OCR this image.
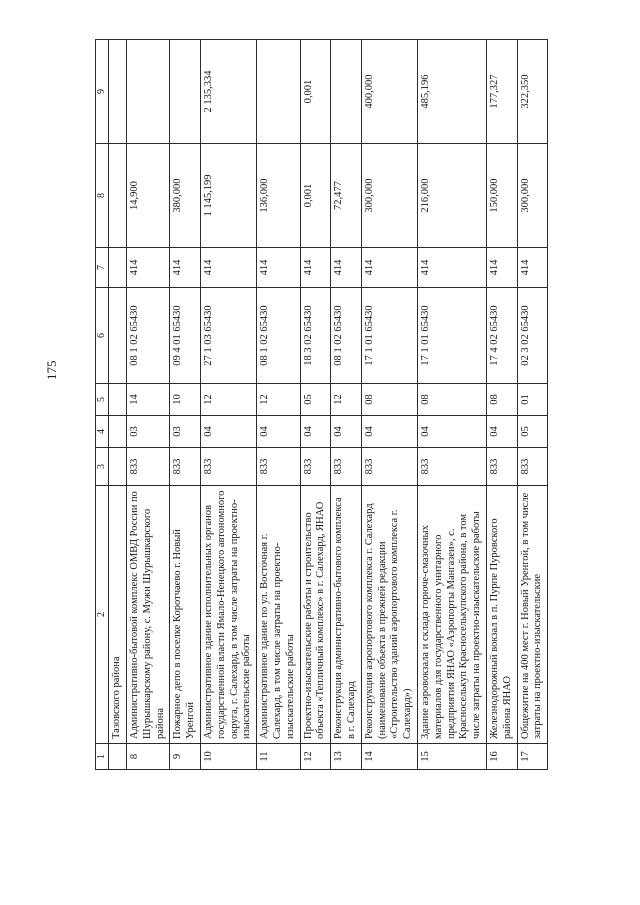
175
1	2	3	4	5	6	7	8	9
	Тазовского района							
8	Административно-бытовой комплекс ОМВД России по Шурышкарскому району, с. Мужи Шурышкарского района	833	03	14	08 1 02 65430	414	14,900	
9	Пожарное депо в поселке Коротчаево г. Новый Уренгой	833	03	10	09 4 01 65430	414	380,000	
10	Административное здание исполнительных органов государственной власти Ямало-Ненецкого автономного округа, г. Салехард, в том числе затраты на проектно-изыскательские работы	833	04	12	27 1 03 65430	414	1 145,199	2 135,334
11	Административное здание по ул. Восточная г. Салехард, в том числе затраты на проектно-изыскательские работы	833	04	12	08 1 02 65430	414	136,000	
12	Проектно-изыскательские работы и строительство объекта «Тепличный комплекс» в г. Салехард, ЯНАО	833	04	05	18 3 02 65430	414	0,001	0,001
13	Реконструкция административно-бытового комплекса в г. Салехард	833	04	12	08 1 02 65430	414	72,477	
14	Реконструкция аэропортового комплекса г. Салехард (наименование объекта в прежней редакции «Строительство зданий аэропортового комплекса г. Салехард»)	833	04	08	17 1 01 65430	414	300,000	400,000
15	Здание аэровокзала и склада горюче-смазочных материалов для государственного унитарного предприятия ЯНАО «Аэропорты Мангазеи», с. Красноселькуп Красноселькупского района, в том числе затраты на проектно-изыскательские работы	833	04	08	17 1 01 65430	414	216,000	485,196
16	Железнодорожный вокзал в п. Пурпе Пуровского района ЯНАО	833	04	08	17 4 02 65430	414	150,000	177,327
17	Общежитие на 400 мест г. Новый Уренгой, в том числе затраты на проектно-изыскательские	833	05	01	02 3 02 65430	414	300,000	322,350
